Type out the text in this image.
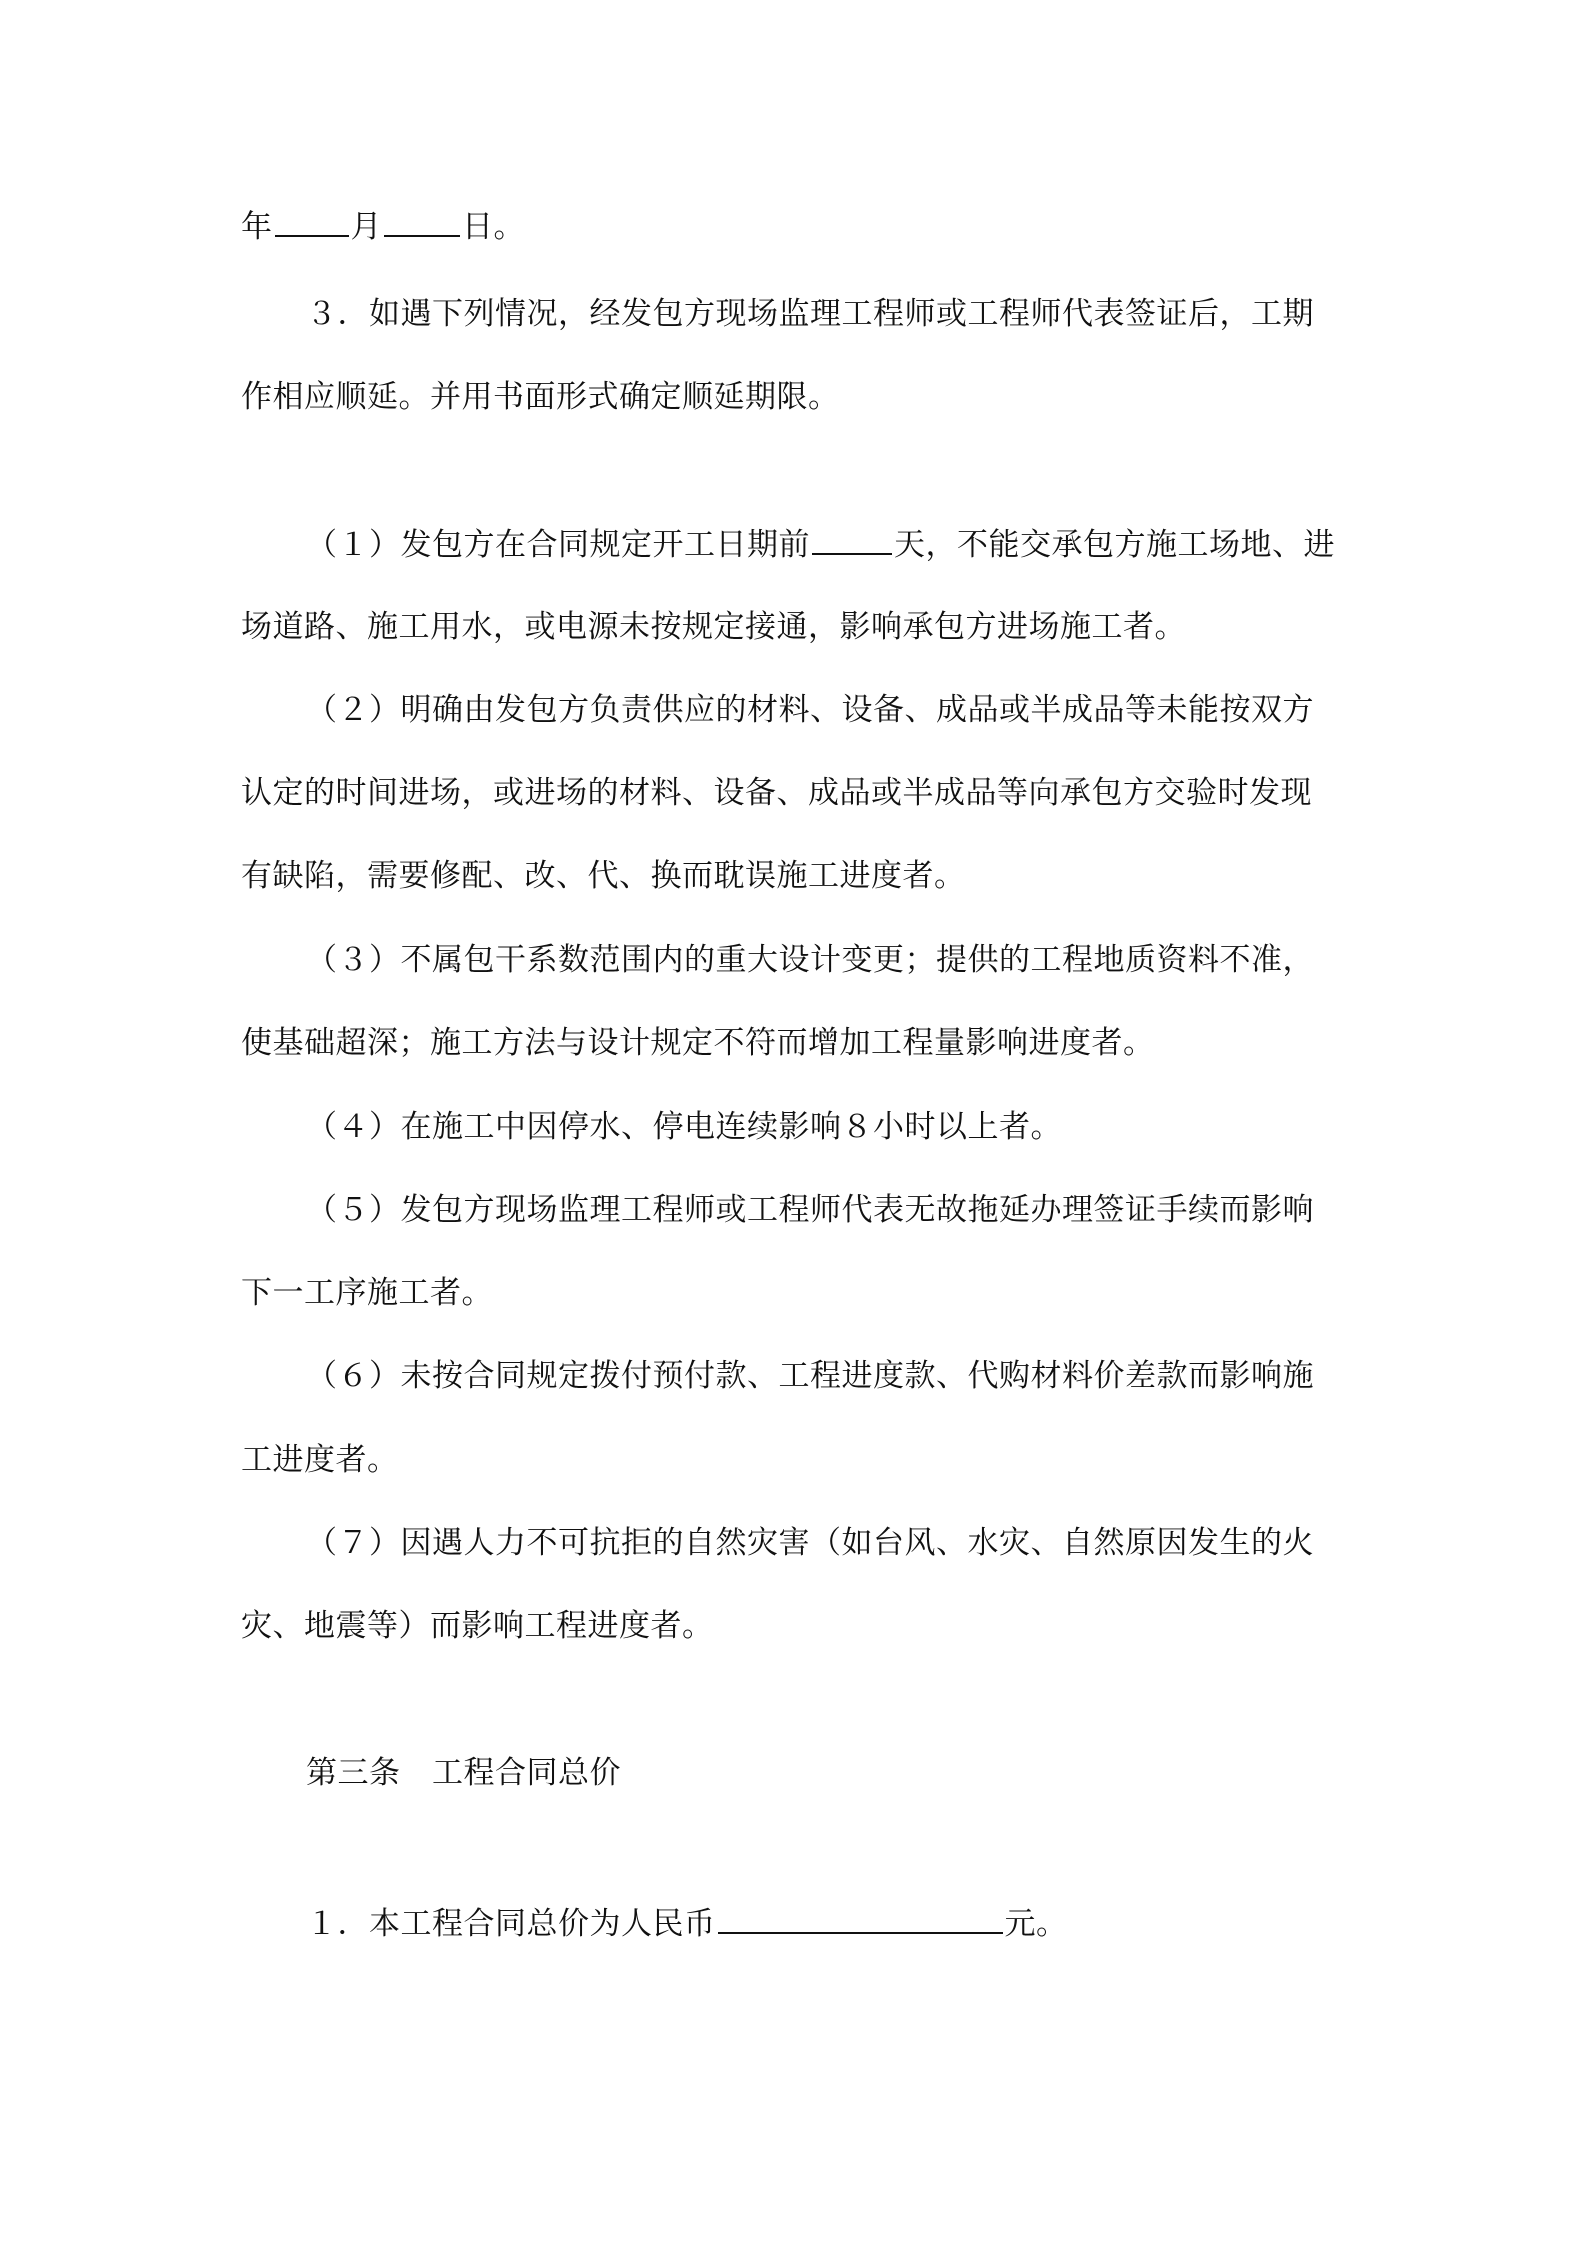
年	月	日。
３．如遇下列情况，经发包方现场监理工程师或工程师代表签证后，工期
作相应顺延。并用书面形式确定顺延期限。
（１）发包方在合同规定开工日期前	天，不能交承包方施工场地、进
场道路、施工用水，或电源未按规定接通，影响承包方进场施工者。
（２）明确由发包方负责供应的材料、设备、成品或半成品等未能按双方
认定的时间进场，或进场的材料、设备、成品或半成品等向承包方交验时发现
有缺陷，需要修配、改、代、换而耽误施工进度者。
（３）不属包干系数范围内的重大设计变更；提供的工程地质资料不准，
使基础超深；施工方法与设计规定不符而增加工程量影响进度者。
（４）在施工中因停水、停电连续影响８小时以上者。
（５）发包方现场监理工程师或工程师代表无故拖延办理签证手续而影响
下一工序施工者。
（６）未按合同规定拨付预付款、工程进度款、代购材料价差款而影响施
工进度者。
（７）因遇人力不可抗拒的自然灾害（如台风、水灾、自然原因发生的火
灾、地震等）而影响工程进度者。
第三条　工程合同总价
１．本工程合同总价为人民币	元。
